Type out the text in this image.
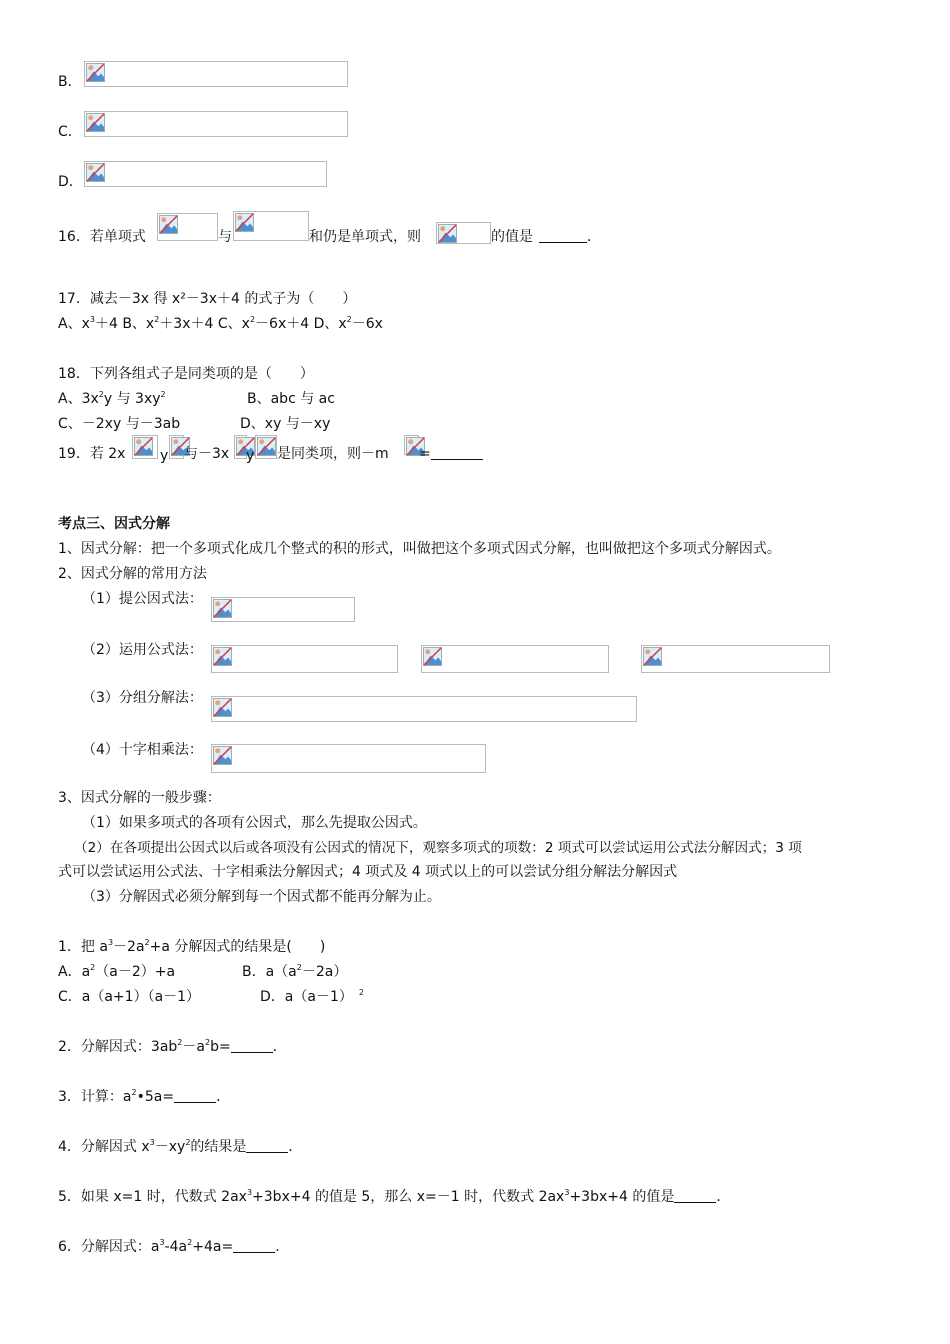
B．
C．
D．
16．若单项式	与	和仍是单项式，则	的值是	．
17．减去－3x 得 x²－3x＋4 的式子为（　　）
A、$x^3+4$ B、$x^2+3x+4$ C、$x^2-6x+4$ D、$x^2-6x$
18．下列各组式子是同类项的是（　　）
A、$3x^2y$ 与 $3xy^2$	B、abc 与 ac
C、－2xy 与－3ab	D、xy 与－xy
19．若 2x y 与－3x y 是同类项，则－m =
考点三、因式分解
1、因式分解：把一个多项式化成几个整式的积的形式，叫做把这个多项式因式分解，也叫做把这个多项式分解因式。
2、因式分解的常用方法
（1）提公因式法：
（2）运用公式法：
（3）分组分解法：
（4）十字相乘法：
3、因式分解的一般步骤：
（1）如果多项式的各项有公因式，那么先提取公因式。
（2）在各项提出公因式以后或各项没有公因式的情况下，观察多项式的项数：2 项式可以尝试运用公式法分解因式；3 项
式可以尝试运用公式法、十字相乘法分解因式；4 项式及 4 项式以上的可以尝试分组分解法分解因式
（3）分解因式必须分解到每一个因式都不能再分解为止。
1．把 $a^3-2a^2+a$ 分解因式的结果是(　　)
A．$a^2(a-2)+a$	B．$a(a^2-2a)$
C．a（a+1）（a－1）	D．a（a－1） $^2$
2．分解因式：$3ab^2-a^2b=$	．
3．计算：$a^2•5a=$	．
4．分解因式 $x^3-xy^2$的结果是	．
5．如果 x=1 时，代数式 $2ax^3+3bx+4$ 的值是 5，那么 x=－1 时，代数式 $2ax^3+3bx+4$ 的值是	．
6．分解因式：$a^3-4a^2+4a=$	.
